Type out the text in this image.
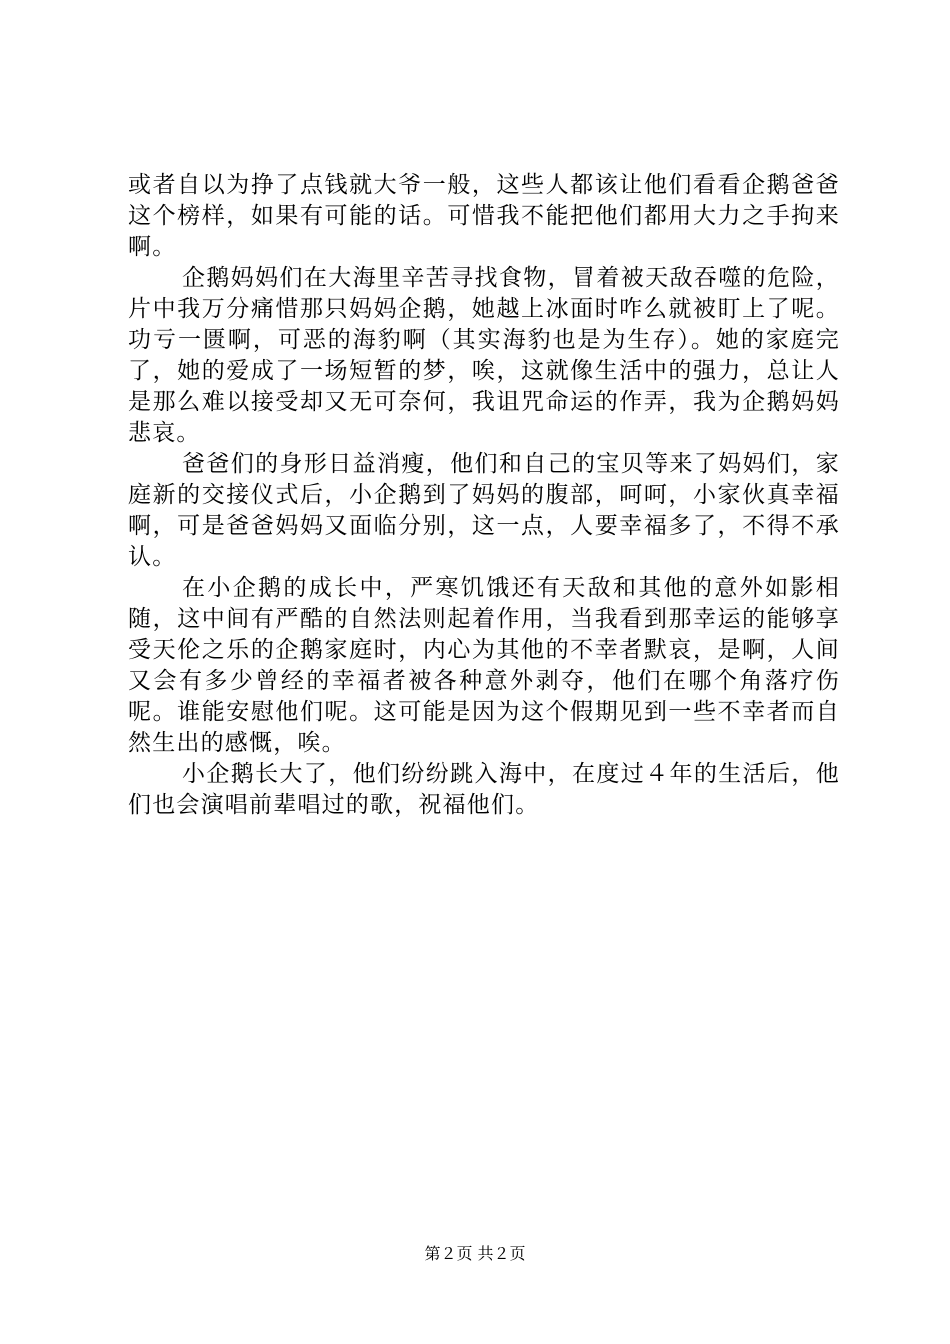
或者自以为挣了点钱就大爷一般，这些人都该让他们看看企鹅爸爸这个榜样，如果有可能的话。可惜我不能把他们都用大力之手拘来啊。

企鹅妈妈们在大海里辛苦寻找食物，冒着被天敌吞噬的危险，片中我万分痛惜那只妈妈企鹅，她越上冰面时咋么就被盯上了呢。功亏一匮啊，可恶的海豹啊（其实海豹也是为生存）。她的家庭完了，她的爱成了一场短暂的梦，唉，这就像生活中的强力，总让人是那么难以接受却又无可奈何，我诅咒命运的作弄，我为企鹅妈妈悲哀。

爸爸们的身形日益消瘦，他们和自己的宝贝等来了妈妈们，家庭新的交接仪式后，小企鹅到了妈妈的腹部，呵呵，小家伙真幸福啊，可是爸爸妈妈又面临分别，这一点，人要幸福多了，不得不承认。

在小企鹅的成长中，严寒饥饿还有天敌和其他的意外如影相随，这中间有严酷的自然法则起着作用，当我看到那幸运的能够享受天伦之乐的企鹅家庭时，内心为其他的不幸者默哀，是啊，人间又会有多少曾经的幸福者被各种意外剥夺，他们在哪个角落疗伤呢。谁能安慰他们呢。这可能是因为这个假期见到一些不幸者而自然生出的感慨，唉。

小企鹅长大了，他们纷纷跳入海中，在度过４年的生活后，他们也会演唱前辈唱过的歌，祝福他们。

第２页 共２页
